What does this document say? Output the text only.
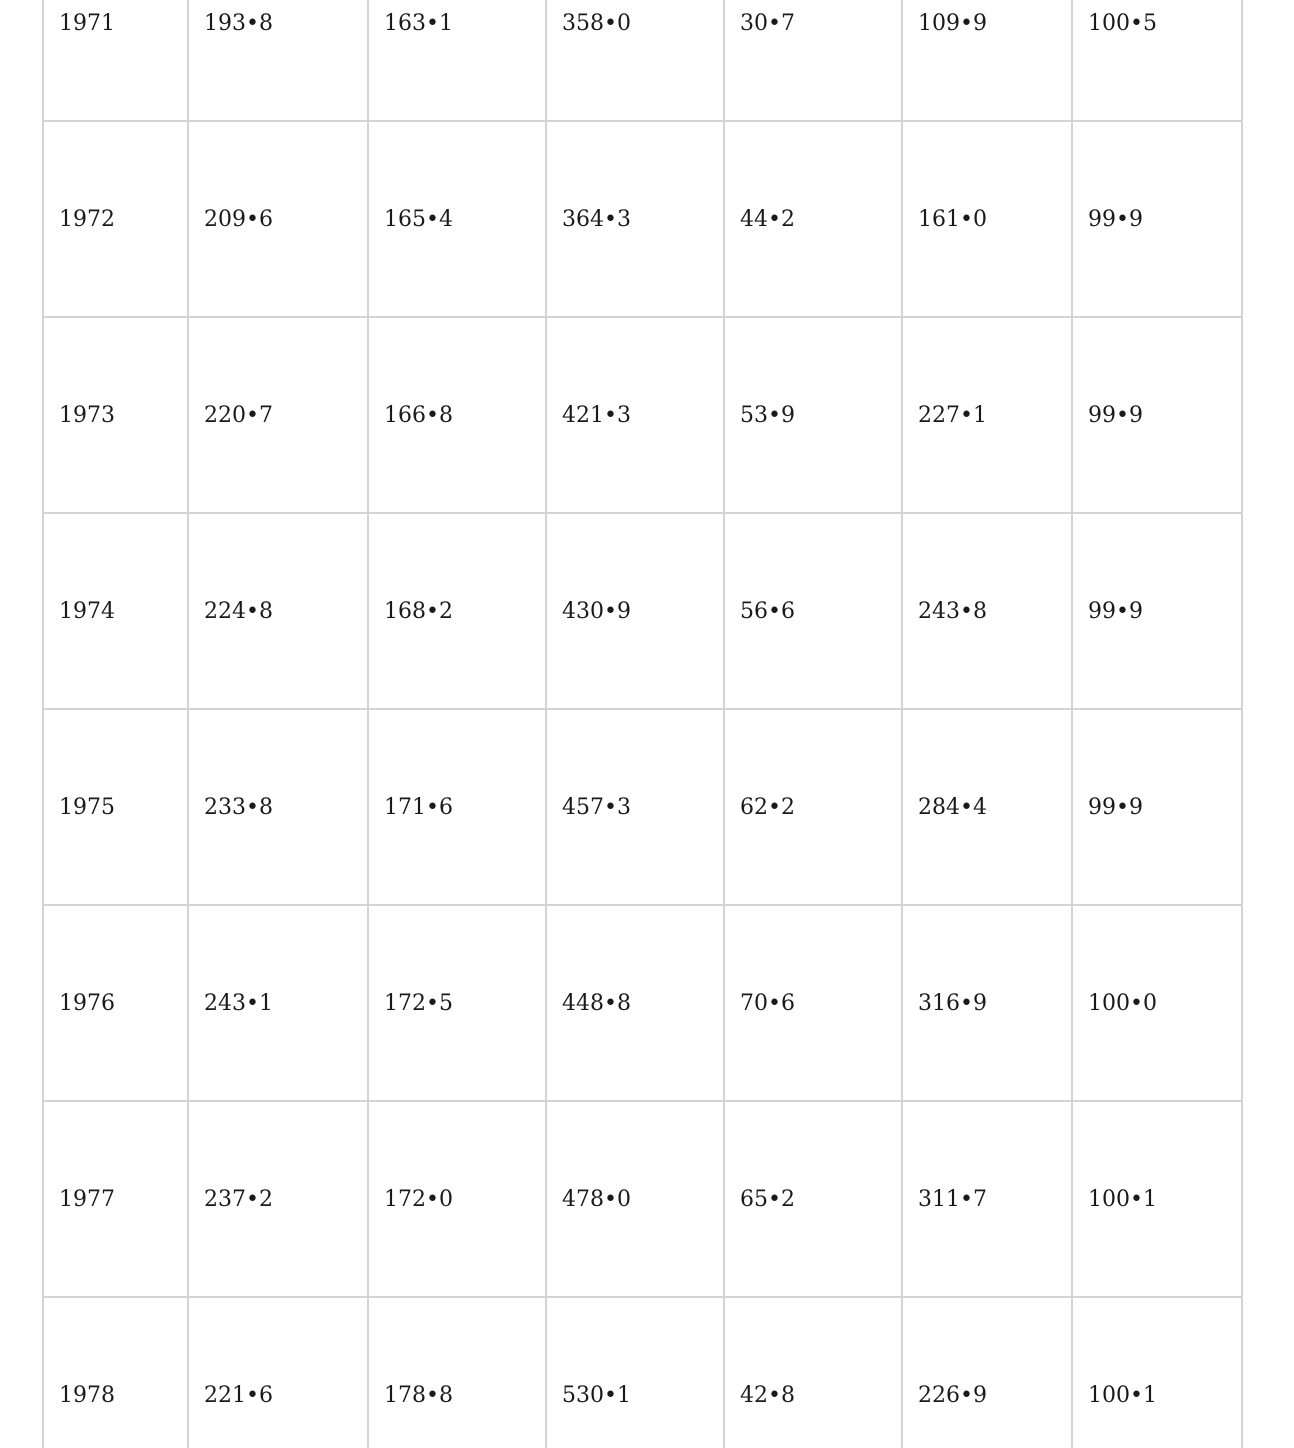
1971	193•8	163•1	358•0	30•7	109•9	100•5
1972	209•6	165•4	364•3	44•2	161•0	99•9
1973	220•7	166•8	421•3	53•9	227•1	99•9
1974	224•8	168•2	430•9	56•6	243•8	99•9
1975	233•8	171•6	457•3	62•2	284•4	99•9
1976	243•1	172•5	448•8	70•6	316•9	100•0
1977	237•2	172•0	478•0	65•2	311•7	100•1
1978	221•6	178•8	530•1	42•8	226•9	100•1
